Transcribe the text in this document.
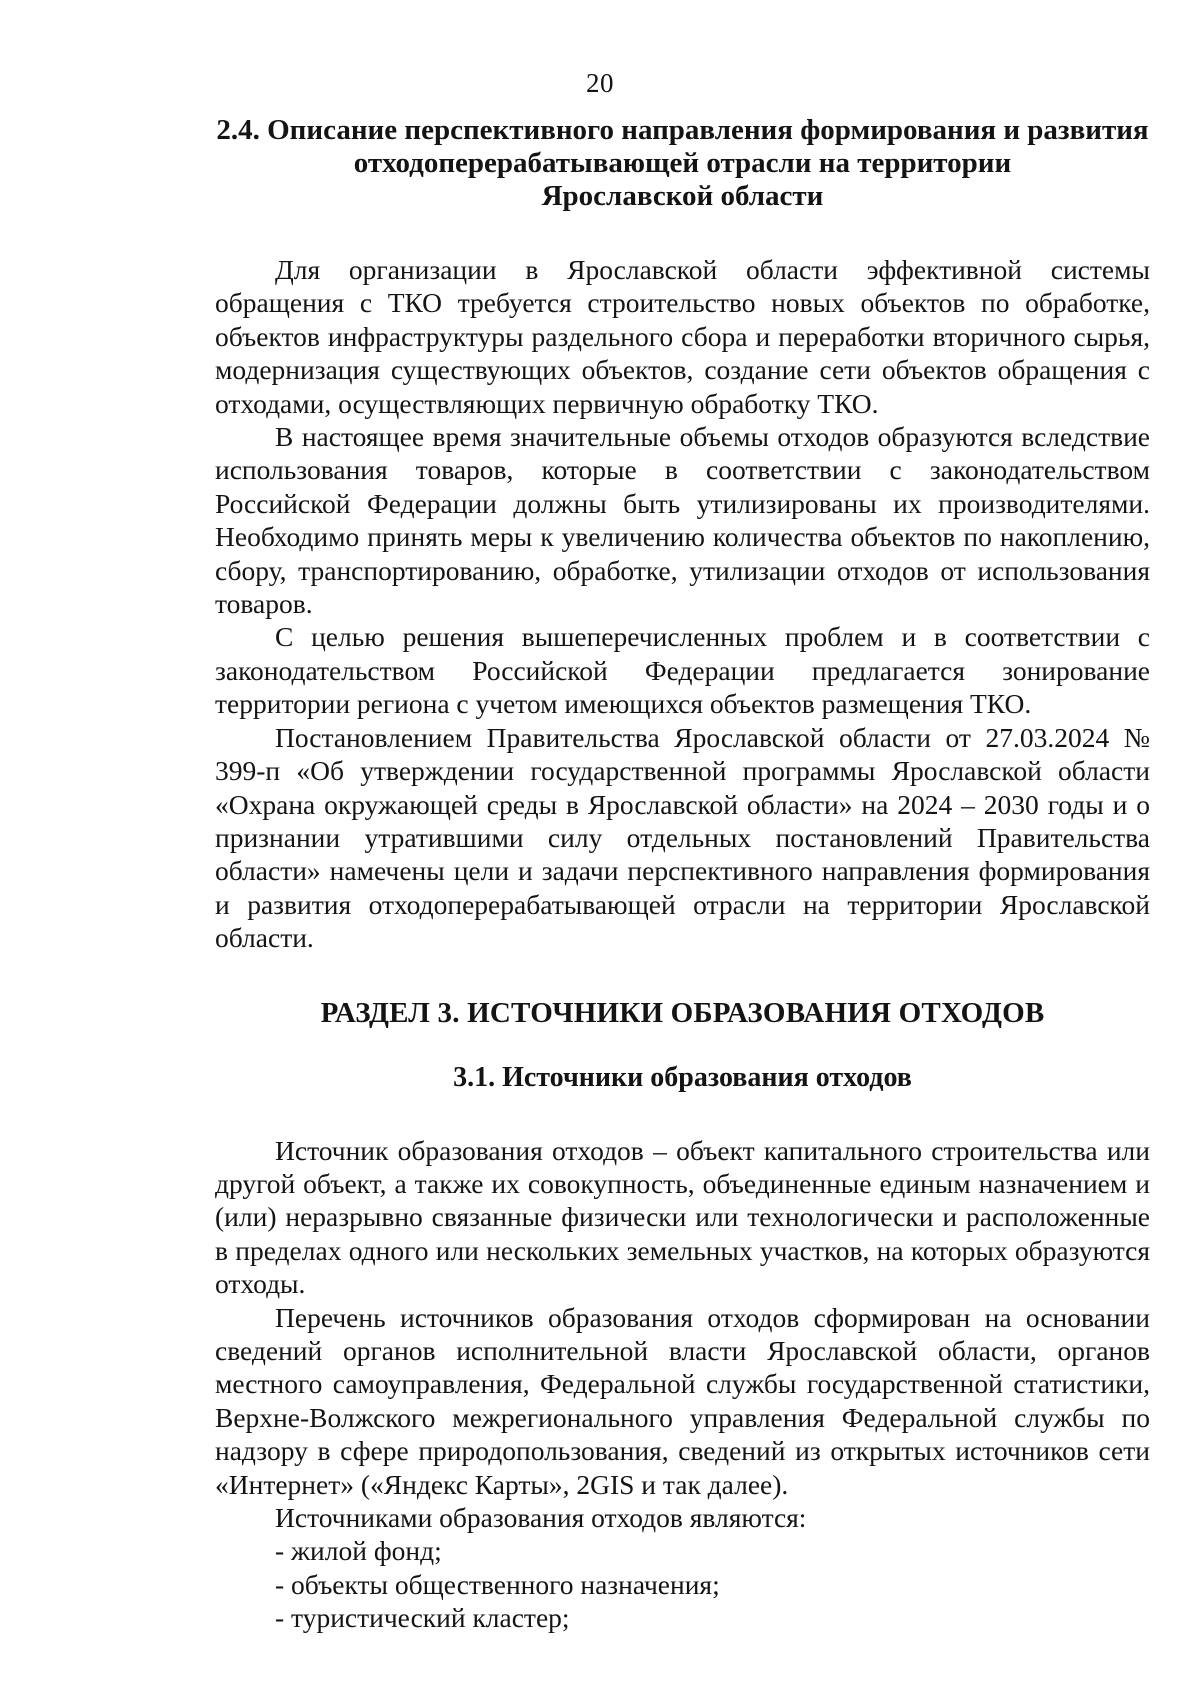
20
2.4. Описание перспективного направления формирования и развития
отходоперерабатывающей отрасли на территории
Ярославской области

Для организации в Ярославской области эффективной системы обращения с ТКО требуется строительство новых объектов по обработке, объектов инфраструктуры раздельного сбора и переработки вторичного сырья, модернизация существующих объектов, создание сети объектов обращения с отходами, осуществляющих первичную обработку ТКО.

В настоящее время значительные объемы отходов образуются вследствие использования товаров, которые в соответствии с законодательством Российской Федерации должны быть утилизированы их производителями. Необходимо принять меры к увеличению количества объектов по накоплению, сбору, транспортированию, обработке, утилизации отходов от использования товаров.

С целью решения вышеперечисленных проблем и в соответствии с законодательством Российской Федерации предлагается зонирование территории региона с учетом имеющихся объектов размещения ТКО.

Постановлением Правительства Ярославской области от 27.03.2024 № 399-п «Об утверждении государственной программы Ярославской области «Охрана окружающей среды в Ярославской области» на 2024 – 2030 годы и о признании утратившими силу отдельных постановлений Правительства области» намечены цели и задачи перспективного направления формирования и развития отходоперерабатывающей отрасли на территории Ярославской области.

РАЗДЕЛ 3. ИСТОЧНИКИ ОБРАЗОВАНИЯ ОТХОДОВ
3.1. Источники образования отходов

Источник образования отходов – объект капитального строительства или другой объект, а также их совокупность, объединенные единым назначением и (или) неразрывно связанные физически или технологически и расположенные в пределах одного или нескольких земельных участков, на которых образуются отходы.

Перечень источников образования отходов сформирован на основании сведений органов исполнительной власти Ярославской области, органов местного самоуправления, Федеральной службы государственной статистики, Верхне-Волжского межрегионального управления Федеральной службы по надзору в сфере природопользования, сведений из открытых источников сети «Интернет» («Яндекс Карты», 2GIS и так далее).

Источниками образования отходов являются:

- жилой фонд;
- объекты общественного назначения;
- туристический кластер;
